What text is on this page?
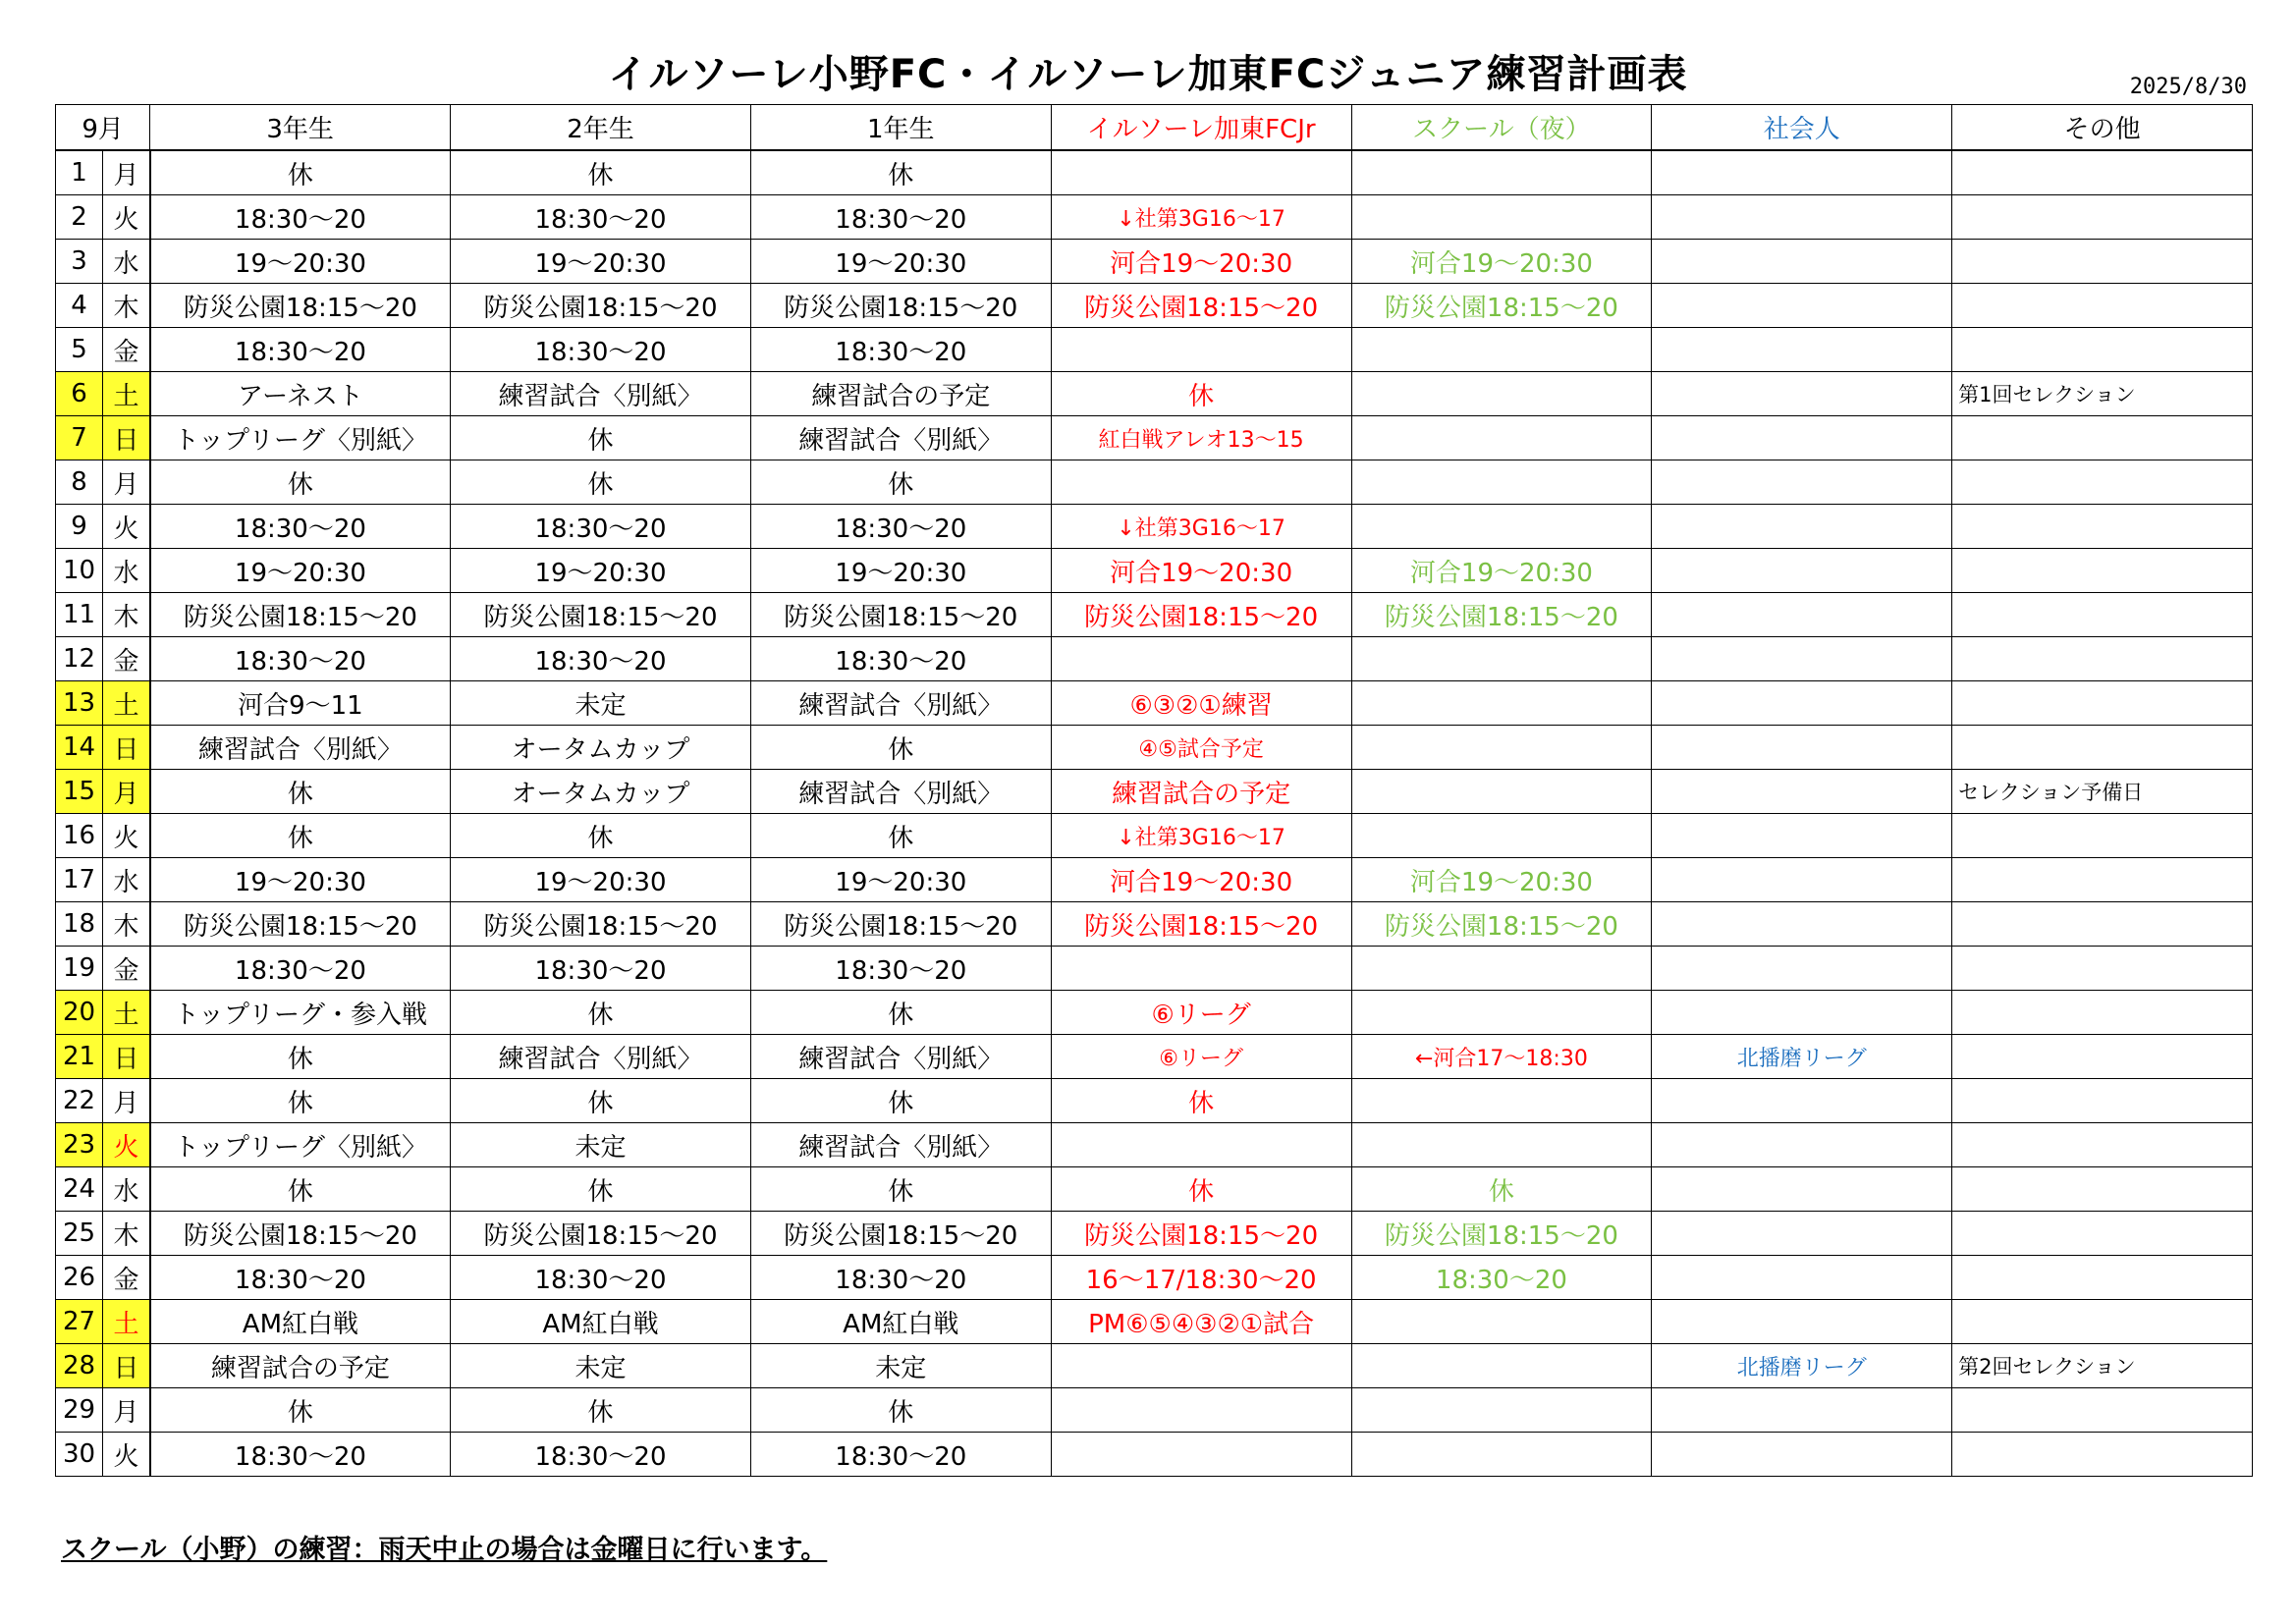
イルソーレ小野FC・イルソーレ加東FCジュニア練習計画表	2025/8/30
9月		3年生	2年生	1年生	イルソーレ加東FCJr	スクール（夜）	社会人	その他
1	月	休	休	休				
2	火	18:30～20	18:30～20	18:30～20	↓社第3G16～17			
3	水	19～20:30	19～20:30	19～20:30	河合19～20:30	河合19～20:30		
4	木	防災公園18:15～20	防災公園18:15～20	防災公園18:15～20	防災公園18:15～20	防災公園18:15～20		
5	金	18:30～20	18:30～20	18:30～20				
6	土	アーネスト	練習試合〈別紙〉	練習試合の予定	休			第1回セレクション
7	日	トップリーグ〈別紙〉	休	練習試合〈別紙〉	紅白戦アレオ13～15			
8	月	休	休	休				
9	火	18:30～20	18:30～20	18:30～20	↓社第3G16～17			
10	水	19～20:30	19～20:30	19～20:30	河合19～20:30	河合19～20:30		
11	木	防災公園18:15～20	防災公園18:15～20	防災公園18:15～20	防災公園18:15～20	防災公園18:15～20		
12	金	18:30～20	18:30～20	18:30～20				
13	土	河合9～11	未定	練習試合〈別紙〉	⑥③②①練習			
14	日	練習試合〈別紙〉	オータムカップ	休	④⑤試合予定			
15	月	休	オータムカップ	練習試合〈別紙〉	練習試合の予定			セレクション予備日
16	火	休	休	休	↓社第3G16～17			
17	水	19～20:30	19～20:30	19～20:30	河合19～20:30	河合19～20:30		
18	木	防災公園18:15～20	防災公園18:15～20	防災公園18:15～20	防災公園18:15～20	防災公園18:15～20		
19	金	18:30～20	18:30～20	18:30～20				
20	土	トップリーグ・参入戦	休	休	⑥リーグ			
21	日	休	練習試合〈別紙〉	練習試合〈別紙〉	⑥リーグ	←河合17～18:30	北播磨リーグ	
22	月	休	休	休	休			
23	火	トップリーグ〈別紙〉	未定	練習試合〈別紙〉				
24	水	休	休	休	休	休		
25	木	防災公園18:15～20	防災公園18:15～20	防災公園18:15～20	防災公園18:15～20	防災公園18:15～20		
26	金	18:30～20	18:30～20	18:30～20	16～17/18:30～20	18:30～20		
27	土	AM紅白戦	AM紅白戦	AM紅白戦	PM⑥⑤④③②①試合			
28	日	練習試合の予定	未定	未定			北播磨リーグ	第2回セレクション
29	月	休	休	休				
30	火	18:30～20	18:30～20	18:30～20				
スクール（小野）の練習：雨天中止の場合は金曜日に行います。
